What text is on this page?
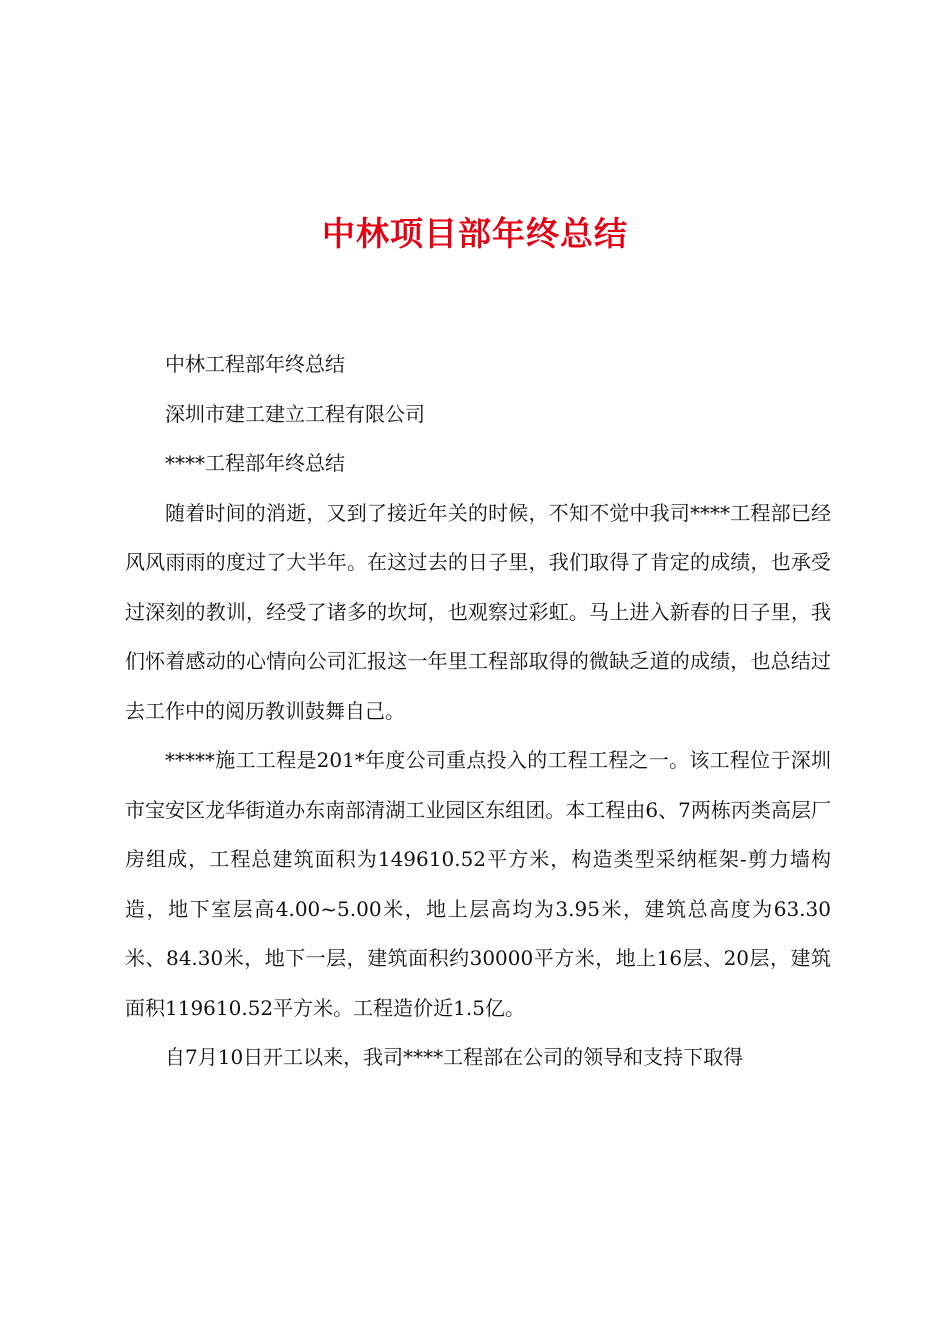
中林项目部年终总结

中林工程部年终总结

深圳市建工建立工程有限公司

****工程部年终总结

随着时间的消逝，又到了接近年关的时候，不知不觉中我司****工程部已经风风雨雨的度过了大半年。在这过去的日子里，我们取得了肯定的成绩，也承受过深刻的教训，经受了诸多的坎坷，也观察过彩虹。马上进入新春的日子里，我们怀着感动的心情向公司汇报这一年里工程部取得的微缺乏道的成绩，也总结过去工作中的阅历教训鼓舞自己。

*****施工工程是201*年度公司重点投入的工程工程之一。该工程位于深圳市宝安区龙华街道办东南部清湖工业园区东组团。本工程由6、7两栋丙类高层厂房组成，工程总建筑面积为149610.52平方米，构造类型采纳框架-剪力墙构造，地下室层高4.00~5.00米，地上层高均为3.95米，建筑总高度为63.30米、84.30米，地下一层，建筑面积约30000平方米，地上16层、20层，建筑面积119610.52平方米。工程造价近1.5亿。

自7月10日开工以来，我司****工程部在公司的领导和支持下取得
